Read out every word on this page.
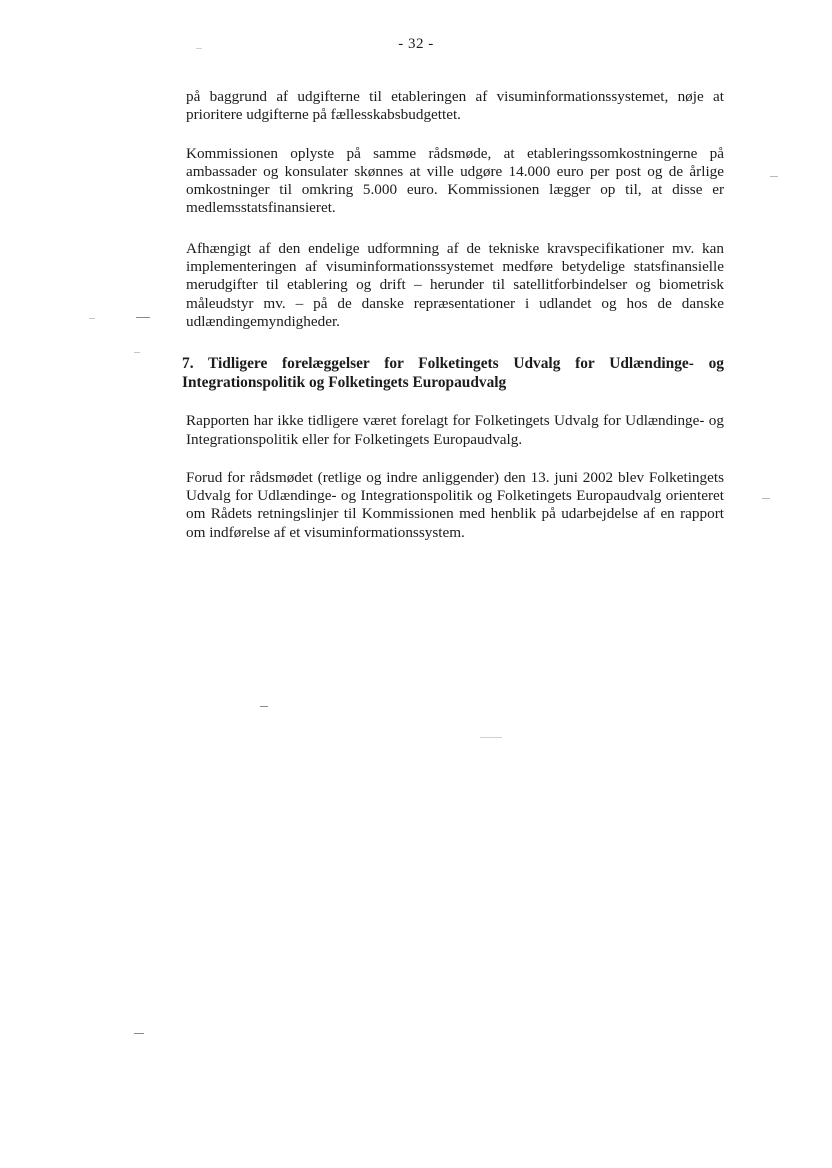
- 32 -

på baggrund af udgifterne til etableringen af visuminformationssystemet, nøje at prioritere udgifterne på fællesskabsbudgettet.

Kommissionen oplyste på samme rådsmøde, at etableringssomkostningerne på ambassader og konsulater skønnes at ville udgøre 14.000 euro per post og de årlige omkostninger til omkring 5.000 euro. Kommissionen lægger op til, at disse er medlemsstatsfinansieret.

Afhængigt af den endelige udformning af de tekniske kravspecifikationer mv. kan implementeringen af visuminformationssystemet medføre betydelige statsfinansielle merudgifter til etablering og drift – herunder til satellitforbindelser og biometrisk måleudstyr mv. – på de danske repræsentationer i udlandet og hos de danske udlændingemyndigheder.

7. Tidligere forelæggelser for Folketingets Udvalg for Udlændinge- og Integrationspolitik og Folketingets Europaudvalg

Rapporten har ikke tidligere været forelagt for Folketingets Udvalg for Udlændinge- og Integrationspolitik eller for Folketingets Europaudvalg.

Forud for rådsmødet (retlige og indre anliggender) den 13. juni 2002 blev Folketingets Udvalg for Udlændinge- og Integrationspolitik og Folketingets Europaudvalg orienteret om Rådets retningslinjer til Kommissionen med henblik på udarbejdelse af en rapport om indførelse af et visuminformationssystem.
